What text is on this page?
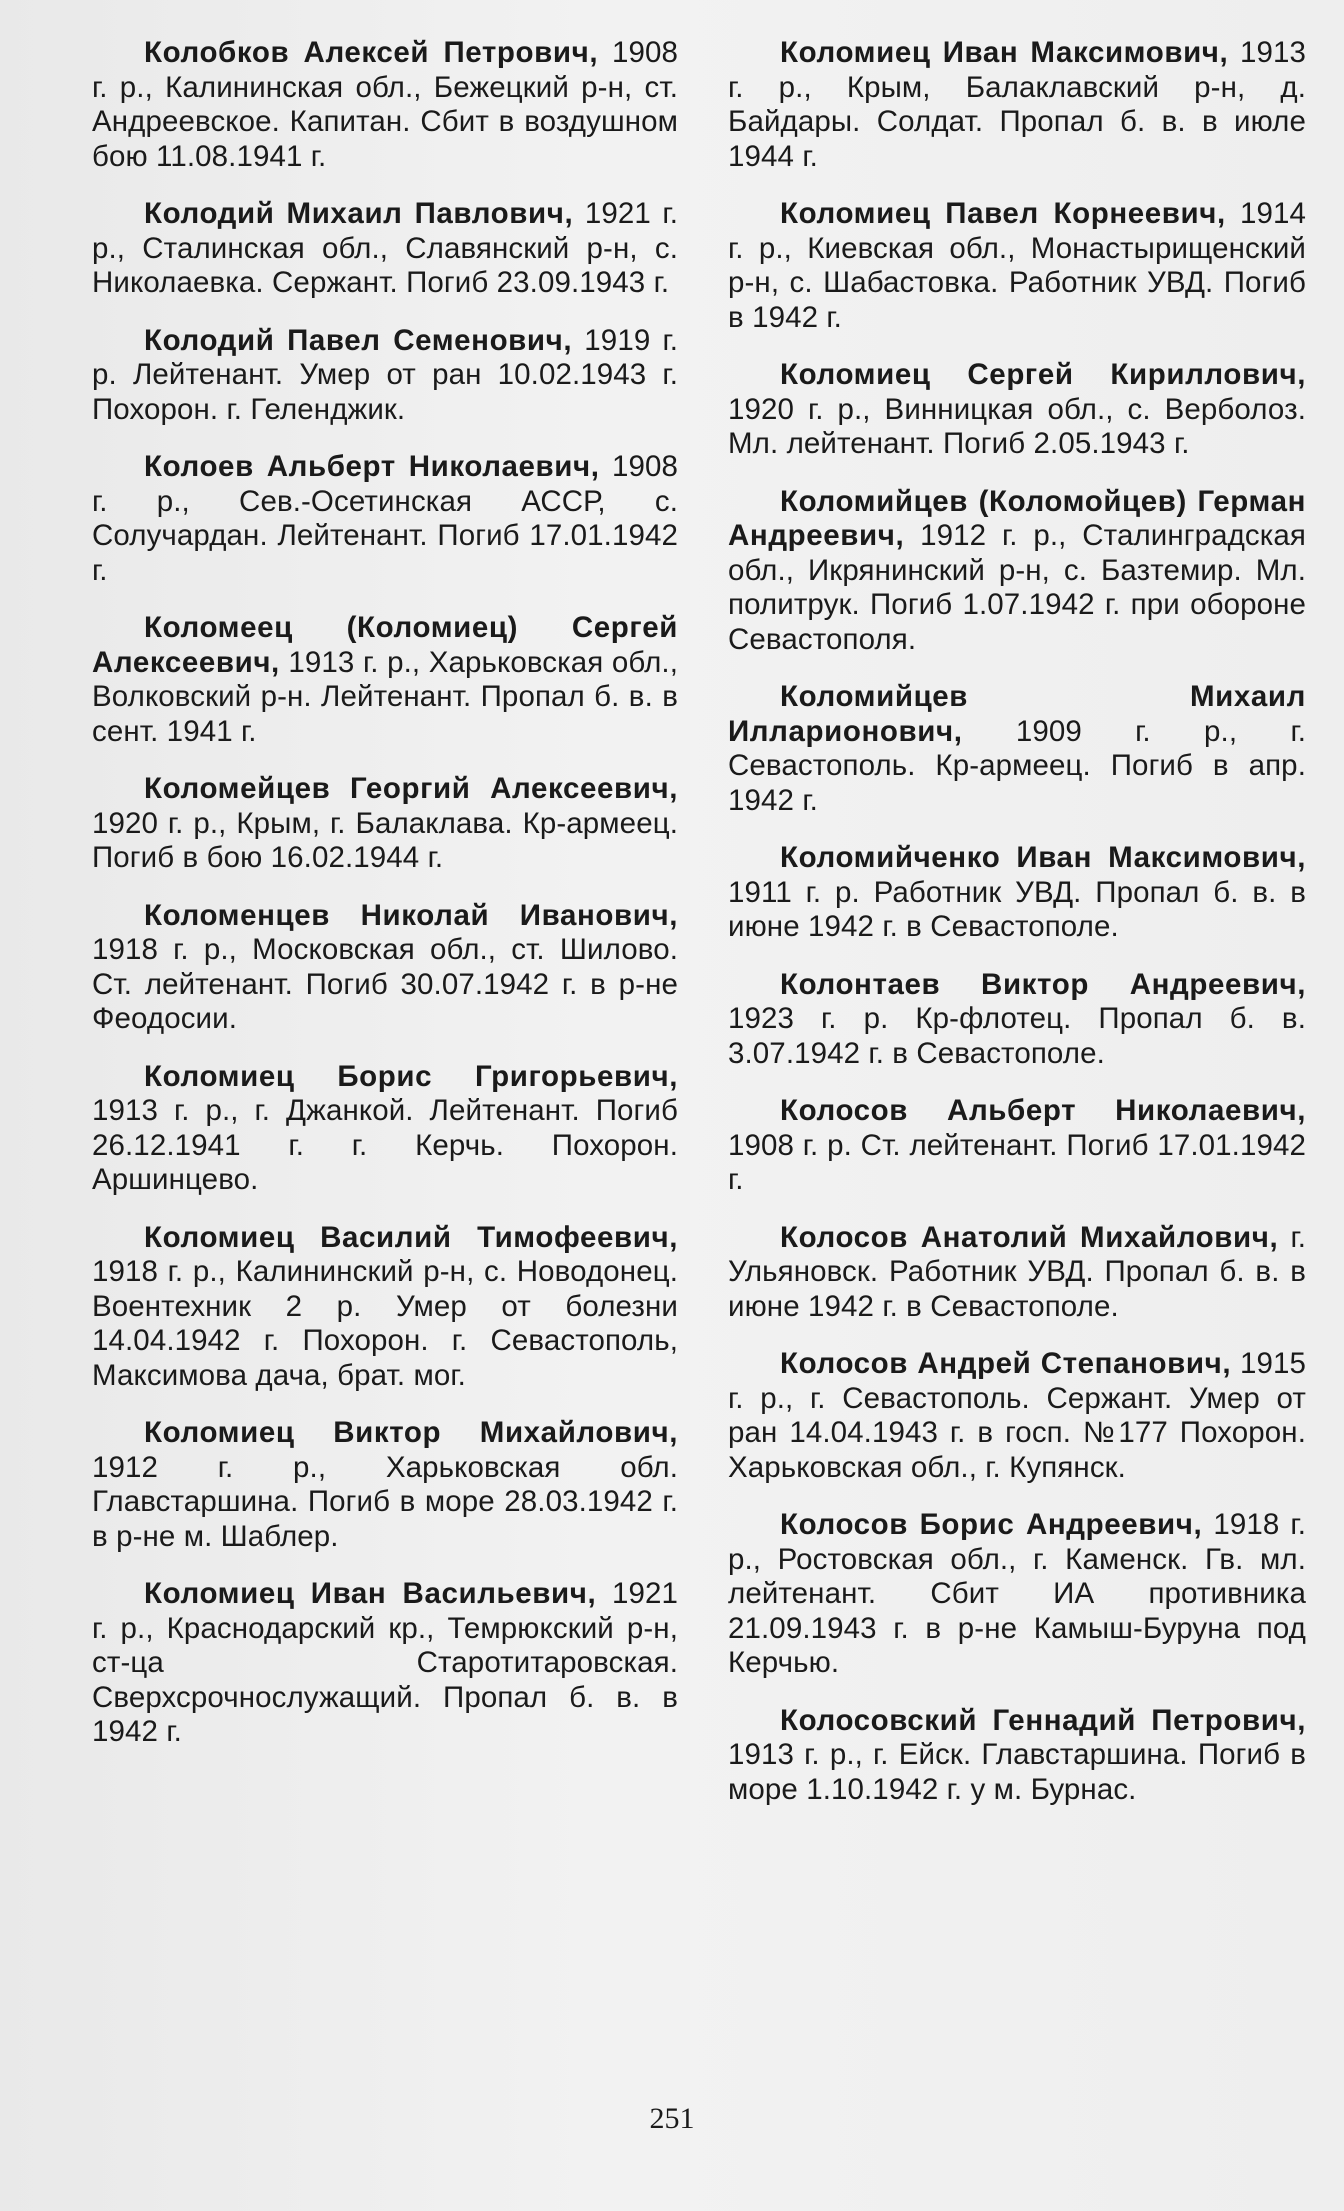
Колобков Алексей Петрович, 1908 г. р., Калининская обл., Бежецкий р-н, ст. Андреевское. Капитан. Сбит в воздушном бою 11.08.1941 г.

Колодий Михаил Павлович, 1921 г. р., Сталинская обл., Славянский р-н, с. Николаевка. Сержант. Погиб 23.09.1943 г.

Колодий Павел Семенович, 1919 г. р. Лейтенант. Умер от ран 10.02.1943 г. Похорон. г. Геленджик.

Колоев Альберт Николаевич, 1908 г. р., Сев.-Осетинская АССР, с. Солучардан. Лейтенант. Погиб 17.01.1942 г.

Коломеец (Коломиец) Сергей Алексеевич, 1913 г. р., Харьковская обл., Волковский р-н. Лейтенант. Пропал б. в. в сент. 1941 г.

Коломейцев Георгий Алексеевич, 1920 г. р., Крым, г. Балаклава. Кр-армеец. Погиб в бою 16.02.1944 г.

Коломенцев Николай Иванович, 1918 г. р., Московская обл., ст. Шилово. Ст. лейтенант. Погиб 30.07.1942 г. в р-не Феодосии.

Коломиец Борис Григорьевич, 1913 г. р., г. Джанкой. Лейтенант. Погиб 26.12.1941 г. г. Керчь. Похорон. Аршинцево.

Коломиец Василий Тимофеевич, 1918 г. р., Калининский р-н, с. Новодонец. Воентехник 2 р. Умер от болезни 14.04.1942 г. Похорон. г. Севастополь, Максимова дача, брат. мог.

Коломиец Виктор Михайлович, 1912 г. р., Харьковская обл. Главстаршина. Погиб в море 28.03.1942 г. в р-не м. Шаблер.

Коломиец Иван Васильевич, 1921 г. р., Краснодарский кр., Темрюкский р-н, ст-ца Старотитаровская. Сверхсрочнослужащий. Пропал б. в. в 1942 г.

Коломиец Иван Максимович, 1913 г. р., Крым, Балаклавский р-н, д. Байдары. Солдат. Пропал б. в. в июле 1944 г.

Коломиец Павел Корнеевич, 1914 г. р., Киевская обл., Монастырищенский р-н, с. Шабастовка. Работник УВД. Погиб в 1942 г.

Коломиец Сергей Кириллович, 1920 г. р., Винницкая обл., с. Верболоз. Мл. лейтенант. Погиб 2.05.1943 г.

Коломийцев (Коломойцев) Герман Андреевич, 1912 г. р., Сталинградская обл., Икрянинский р-н, с. Базтемир. Мл. политрук. Погиб 1.07.1942 г. при обороне Севастополя.

Коломийцев Михаил Илларионович, 1909 г. р., г. Севастополь. Кр-армеец. Погиб в апр. 1942 г.

Коломийченко Иван Максимович, 1911 г. р. Работник УВД. Пропал б. в. в июне 1942 г. в Севастополе.

Колонтаев Виктор Андреевич, 1923 г. р. Кр-флотец. Пропал б. в. 3.07.1942 г. в Севастополе.

Колосов Альберт Николаевич, 1908 г. р. Ст. лейтенант. Погиб 17.01.1942 г.

Колосов Анатолий Михайлович, г. Ульяновск. Работник УВД. Пропал б. в. в июне 1942 г. в Севастополе.

Колосов Андрей Степанович, 1915 г. р., г. Севастополь. Сержант. Умер от ран 14.04.1943 г. в госп. №177 Похорон. Харьковская обл., г. Купянск.

Колосов Борис Андреевич, 1918 г. р., Ростовская обл., г. Каменск. Гв. мл. лейтенант. Сбит ИА противника 21.09.1943 г. в р-не Камыш-Буруна под Керчью.

Колосовский Геннадий Петрович, 1913 г. р., г. Ейск. Главстаршина. Погиб в море 1.10.1942 г. у м. Бурнас.

251
